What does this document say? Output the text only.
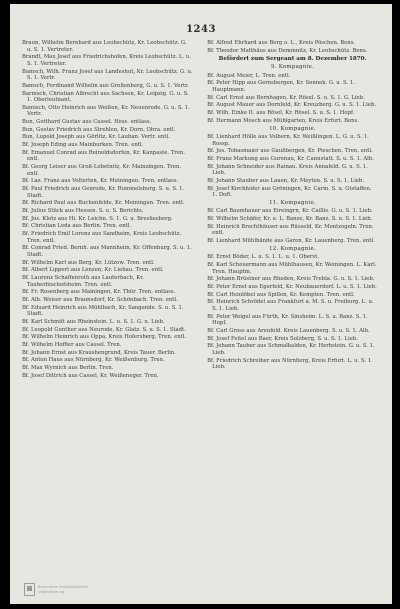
1243
Braun, Wilhelm Bernhard aus Leobschütz, Kr. Leobschütz. G. u. S. 1. Vertreter.
Brandt, Max Josef aus Friedrichshofen, Kreis Leobschütz. L. u. S. 1. Vertreter.
Bamsch, Wilh. Franz Josef aus Landeshut, Kr. Leobschütz. G. u. S. 1. Vertr.
Bamsch, Ferdinand Wilhelm aus Großenberg, G. u. S. 1. Vertr.
Barnisch, Christian Albrecht aus Sachsen, Kr. Leipzig. G. u. S. 1. Oberleutnant.
Bamisch, Otto Heinrich aus Weißen, Kr. Neuenrode. G. u. S. 1. Vertr.
Bun, Gotthard Gustav aus Cassel. Hess. entlass.
Bun, Gustav Friedrich aus Strehlen, Kr. Dorn, Ohra. entl.
Bun, Lupold Joseph aus Görlitz, Kr. Lauban. Vertr. entl.
Bf. Joseph Eding aus Mainburken. Tren. entl.
Bf. Emanuel Conrad aus Reinoldsdorfen, Kr. Kanpaste. Tren. entl.
Bf. Georg Leiser aus Groß-Lobetnitz, Kr. Mainzingen. Tren. entl.
Bf. Laz. Franz aus Volterten, Kr. Meiningen. Tren. entlass.
Bf. Paul Friedrich aus Genrode, Kr. Rummelsburg. S. u. S. 1. Stadt.
Bf. Richard Paul aus Buchenfelde, Kr. Meiningen. Tren. entl.
Bf. Julius Stück aus Hessen. S. u. S. Berichts.
Bf. Jos. Klotz aus Hi. Kr. Leichn. S. 1. G. u. Bresliesberg.
Bf. Christian Leda aus Berlin. Tren. entl.
Bf. Friedrich Emil Lorenz aus Sandheim, Kreis Leobschütz. Tren. entl.
Bf. Conrad Fried. Bernh. aus Mannheim, Kr. Offenburg. S. u. 1. Stadt.
Bf. Wilhelm Karl aus Berg, Kr. Lützow. Tren. entl.
Bf. Albert Lippert aus Lenzen, Kr. Liebau. Tren. entl.
Bf. Laurenz Schaffenroth aus Lauterbach, Kr. Tauberbischofsheim. Tren. entl.
Bf. Fr. Rosenberg aus Mainingen, Kr. Thür. Tren. entlass.
Bf. Alb. Weiser aus Braunsdorf, Kr. Schönbach. Tren. entl.
Bf. Eduard Heinrich aus Mühlbach, Kr. Sangende. S. u. S. 1. Stadt.
Bf. Karl Schmitt aus Rheinstein. L. u. S. 1. G. u. Lieb.
Bf. Leopold Gunther aus Neurode, Kr. Glatz. S. u. S. 1. Stadt.
Bf. Wilhelm Heinrich aus Oppa, Kreis Hofersberg, Tren. entl.
Bf. Wilhelm Hoffler aus Cassel. Tren.
Bf. Johann Ernst aus Kraushengrund, Kreis Tauer. Berlin.
Bf. Anton Haus aus Nürnberg, Kr. Weißenburg. Tren.
Bf. Max Wyrnich aus Berlin. Tren.
Bf. Josef Dittrich aus Cassel, Kr. Weißeneger. Tren.
Bf. Alfred Ehrhard aus Berg o. L., Kreis Pöschen. Bens.
Bf. Theodor Matthäus aus Demmnitz, Kr. Leobschütz. Bens.
Befördert zum Sergeant am 8. Dezember 1870.
9. Kompagnie.
Bf. August Meier, L. Tren. entl.
Bf. Peter Hipp aus Gernsbergen, Kr. Sonnek. G. u. S. 1. Hauptmann.
Bf. Carl Ernst aus Bernhagen, Kr. Rösel. S. u. S. 1. G. Lieb.
Bf. August Mauer aus Dornfeld, Kr. Kreuzberg. G. u. S. 1. Lieb.
Bf. Wilh. Einke II. aus Rösel, Kr. Rösel. S. u. S. 1. Hopf.
Bf. Hermann Mosch aus Mühlgarten, Kreis Erfurt. Bens.
10. Kompagnie.
Bf. Lienhard Hölle aus Volbern, Kr. Weißlingen. L. G. u. S. 1. Rossp.
Bf. Jos. Tobasmaier aus Gaußbergen, Kr. Pieschen. Tren. entl.
Bf. Franz Markung aus Gurenau, Kr. Cannstatt. S. u. S. 1. Alb.
Bf. Johann Schneider aus Rainau. Kreis Annafeld. G. u. S. 1. Lieb.
Bf. Johann Stauber aus Lauen, Kr. Meyten. S. u. S. 1. Lieb.
Bf. Josef Kirchhofer aus Gröningen, Kr. Carm. S. u. Gtstaffen. 1. Doft.
11. Kompagnie.
Bf. Carl Baumhauer aus Eireingrn, Kr. Caillis. G. u. S. 1. Lieb.
Bf. Wilhelm Schäfer, Kr. e. L. Banze, Kr. Banz. S. u. S. 1. Lieb.
Bf. Heinrich Brochthäuser aus Rüsseld, Kr. Montzogeln. Tren. entl.
Bf. Lienhard Mühlhände aus Garen, Kr. Lauenberg. Tren. entl.
12. Kompagnie.
Bf. Ernst Böder, L. u. S. 1. L. u. 1. Oberst.
Bf. Karl Scheuermann aus Mühlhausen, Kr. Weiningen. L. Karl. Tren. Hauptm.
Bf. Johann Brüstner aus Rheden, Kreis Trebla. G. u. S. 1. Lieb.
Bf. Peter Ernst aus Egerfeld, Kr. Neubauerdorf. L. u. S. 1. Lieb.
Bf. Carl Heinlöbel aus Spillen, Kr. Kempten. Tren. entl.
Bf. Heinrich Schrödel aus Frankfurt a. M. S. u. Freiburg. L. u. S. 1. Lieb.
Bf. Peter Weigel aus Fürth, Kr. Sinsheim. L. S. u. Banz. S. 1. Hopf.
Bf. Carl Gross aus Arenfeld. Kreis Lauenberg. S. u. S. 1. Alb.
Bf. Josef Feitel aus Baer, Kreis Sulzberg, S. u. S. 1. Lieb.
Bf. Johann Tauber aus Schmalkalden, Kr. Herbstein. G. u. S. 1. Lieb.
Bf. Friedrich Schreiber aus Nürnberg, Kreis Erfurt. L. u. S. 1. Lieb.
Bayerische Staatsbibliothek
Digitalisierung
